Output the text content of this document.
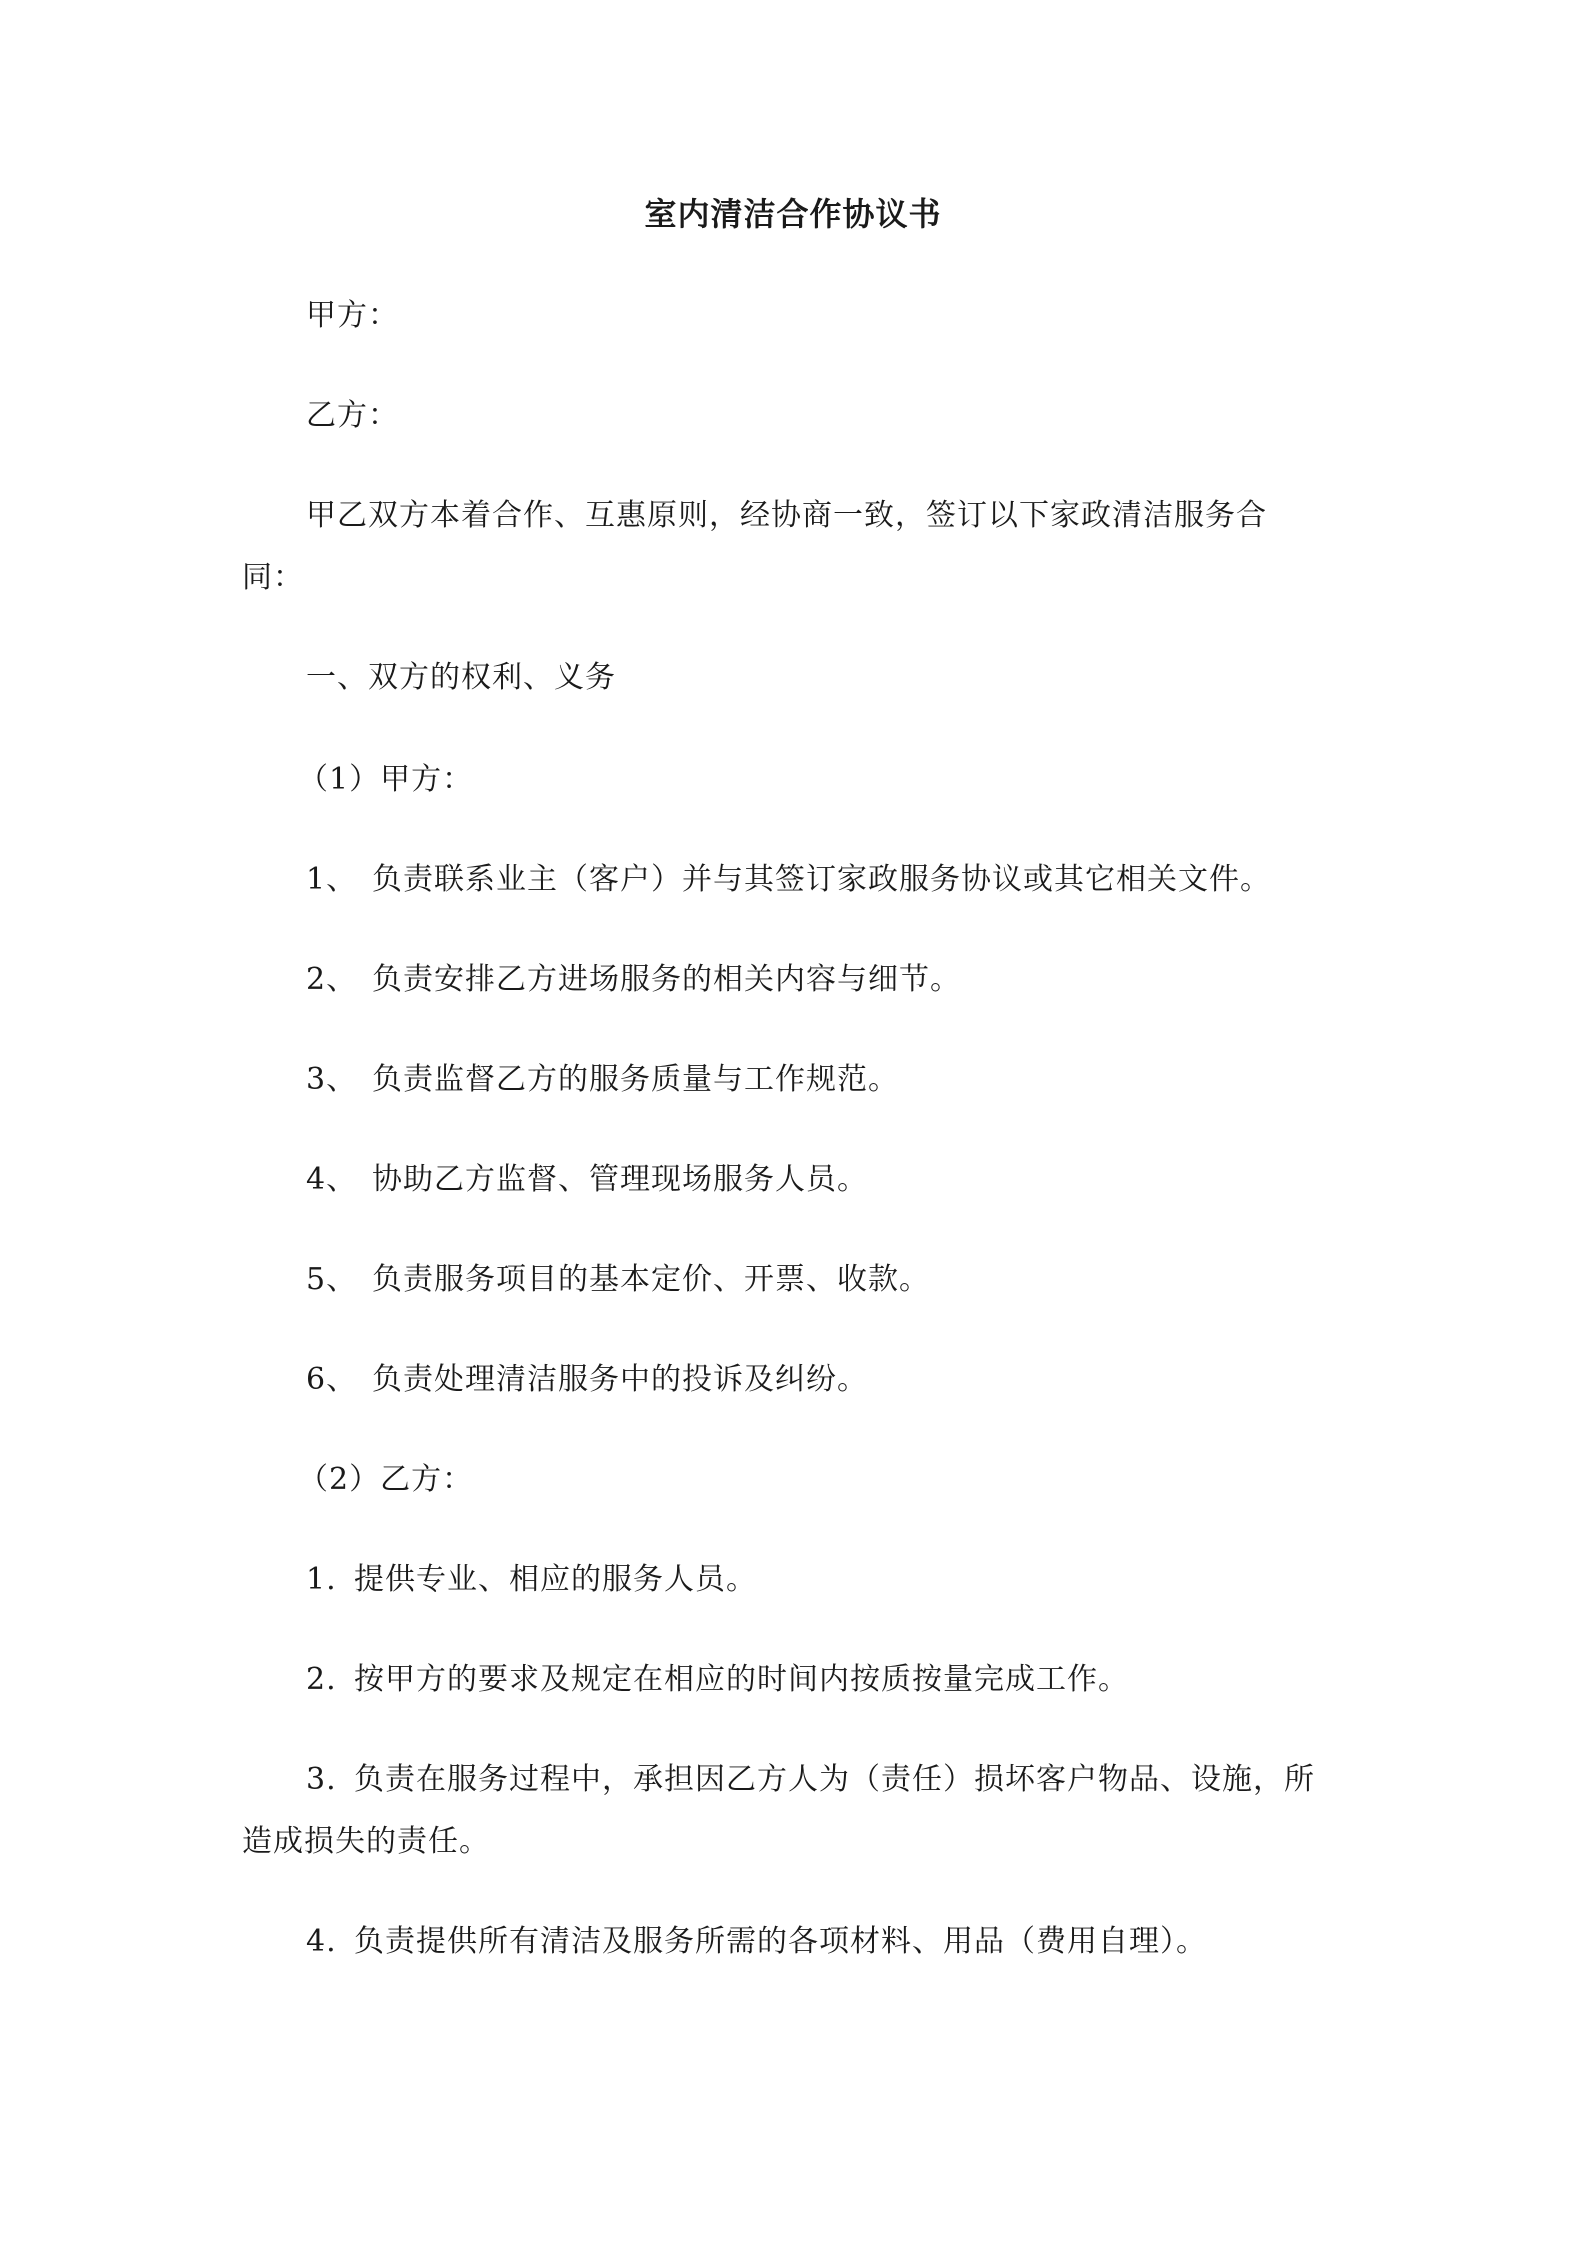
室内清洁合作协议书
甲方：
乙方：
甲乙双方本着合作、互惠原则，经协商一致，签订以下家政清洁服务合
同：
一、双方的权利、义务
（1）甲方：
1、 负责联系业主（客户）并与其签订家政服务协议或其它相关文件。
2、 负责安排乙方进场服务的相关内容与细节。
3、 负责监督乙方的服务质量与工作规范。
4、 协助乙方监督、管理现场服务人员。
5、 负责服务项目的基本定价、开票、收款。
6、 负责处理清洁服务中的投诉及纠纷。
（2）乙方：
1. 提供专业、相应的服务人员。
2. 按甲方的要求及规定在相应的时间内按质按量完成工作。
3. 负责在服务过程中，承担因乙方人为（责任）损坏客户物品、设施，所
造成损失的责任。
4. 负责提供所有清洁及服务所需的各项材料、用品（费用自理）。
